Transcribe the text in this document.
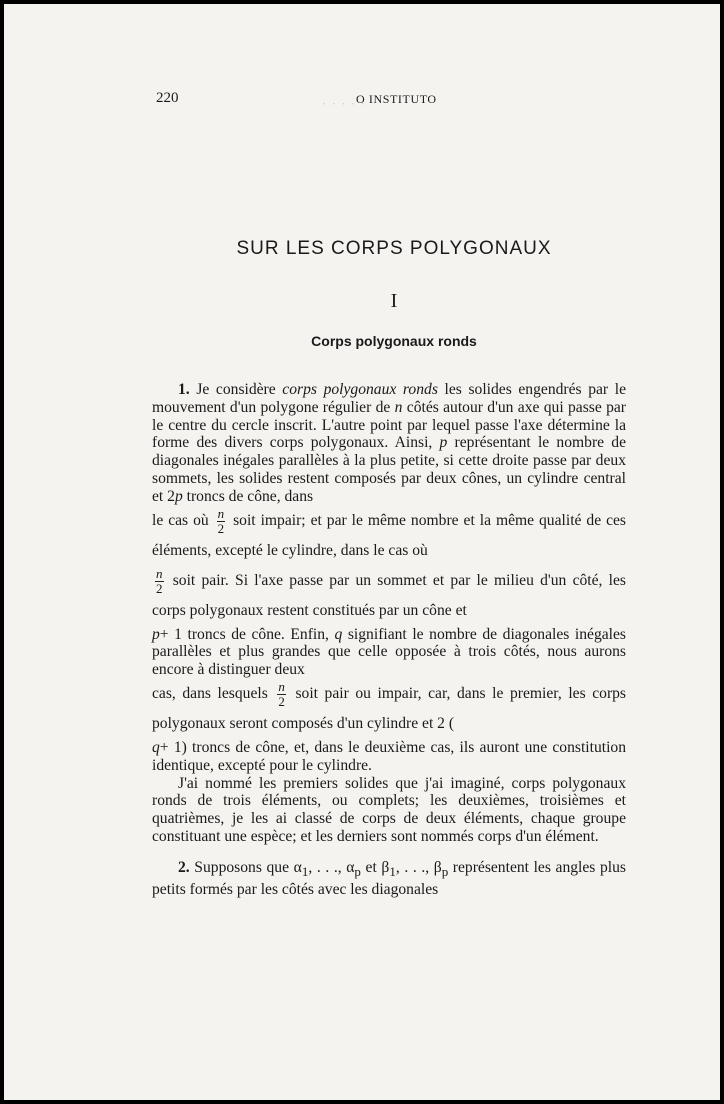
· · · · ·
220	O INSTITUTO
SUR LES CORPS POLYGONAUX
I
Corps polygonaux ronds

1. Je considère corps polygonaux ronds les solides engendrés par le mouvement d'un polygone régulier de n côtés autour d'un axe qui passe par le centre du cercle inscrit. L'autre point par lequel passe l'axe détermine la forme des divers corps polygonaux. Ainsi, p représentant le nombre de diagonales inégales parallèles à la plus petite, si cette droite passe par deux sommets, les solides restent composés par deux cônes, un cylindre central et 2p troncs de cône, dans
le cas où $\frac{n}{2}$ soit impair; et par le même nombre et la même qualité de ces éléments, excepté le cylindre, dans le cas où
$\frac{n}{2}$ soit pair. Si l'axe passe par un sommet et par le milieu d'un côté, les corps polygonaux restent constitués par un cône et
p+ 1 troncs de cône. Enfin, q signifiant le nombre de diagonales inégales parallèles et plus grandes que celle opposée à trois côtés, nous aurons encore à distinguer deux
cas, dans lesquels $\frac{n}{2}$ soit pair ou impair, car, dans le premier, les corps polygonaux seront composés d'un cylindre et 2 (
q+ 1) troncs de cône, et, dans le deuxième cas, ils auront une constitution identique, excepté pour le cylindre.

J'ai nommé les premiers solides que j'ai imaginé, corps polygonaux ronds de trois éléments, ou complets; les deuxièmes, troisièmes et quatrièmes, je les ai classé de corps de deux éléments, chaque groupe constituant une espèce; et les derniers sont nommés corps d'un élément.

2. Supposons que $\alpha_1$, . . ., $\alpha_p$ et $\beta_1$, . . ., $\beta_p$ représentent les angles plus petits formés par les côtés avec les diagonales
